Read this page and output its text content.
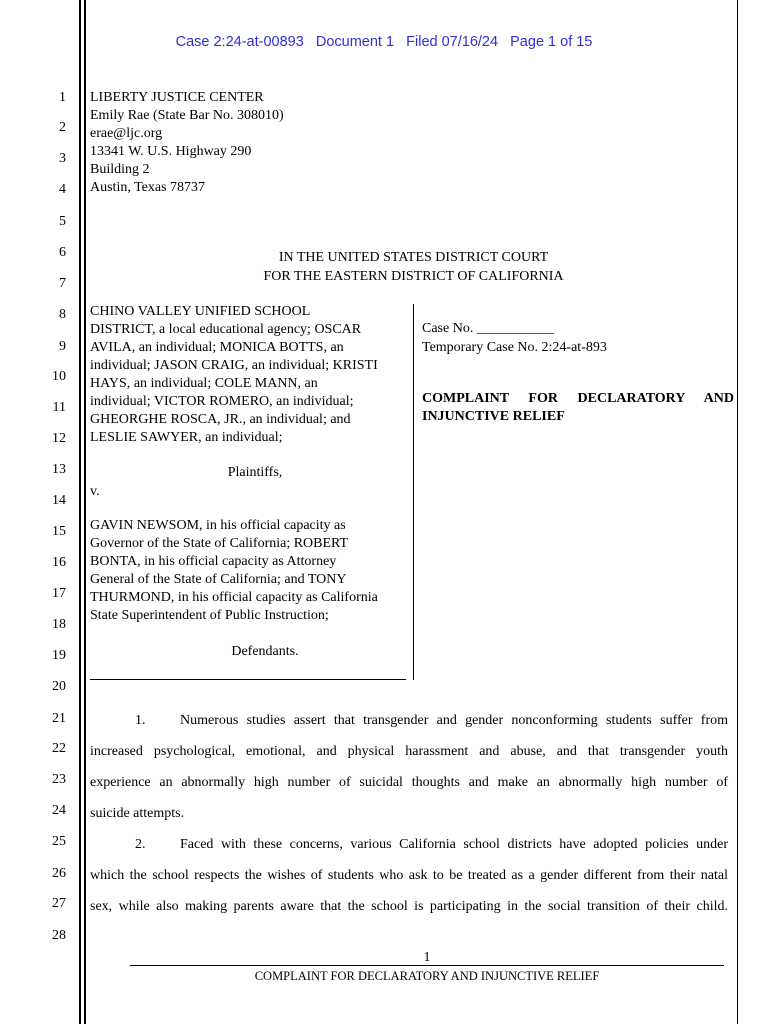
Case 2:24-at-00893 Document 1 Filed 07/16/24 Page 1 of 15
1
2
3
4
5
6
7
8
9
10
11
12
13
14
15
16
17
18
19
20
21
22
23
24
25
26
27
28
LIBERTY JUSTICE CENTER
Emily Rae (State Bar No. 308010)
erae@ljc.org
13341 W. U.S. Highway 290
Building 2
Austin, Texas 78737
IN THE UNITED STATES DISTRICT COURT
FOR THE EASTERN DISTRICT OF CALIFORNIA
CHINO VALLEY UNIFIED SCHOOL
DISTRICT, a local educational agency; OSCAR
AVILA, an individual; MONICA BOTTS, an
individual; JASON CRAIG, an individual; KRISTI
HAYS, an individual; COLE MANN, an
individual; VICTOR ROMERO, an individual;
GHEORGHE ROSCA, JR., an individual; and
LESLIE SAWYER, an individual;
Plaintiffs,
v.
GAVIN NEWSOM, in his official capacity as
Governor of the State of California; ROBERT
BONTA, in his official capacity as Attorney
General of the State of California; and TONY
THURMOND, in his official capacity as California
State Superintendent of Public Instruction;
Defendants.
Case No. ___________
Temporary Case No. 2:24-at-893
COMPLAINT FOR DECLARATORY AND
INJUNCTIVE RELIEF
1. Numerous studies assert that transgender and gender nonconforming students suffer from
increased psychological, emotional, and physical harassment and abuse, and that transgender youth
experience an abnormally high number of suicidal thoughts and make an abnormally high number of
suicide attempts.
2. Faced with these concerns, various California school districts have adopted policies under
which the school respects the wishes of students who ask to be treated as a gender different from their natal
sex, while also making parents aware that the school is participating in the social transition of their child.
1
COMPLAINT FOR DECLARATORY AND INJUNCTIVE RELIEF
